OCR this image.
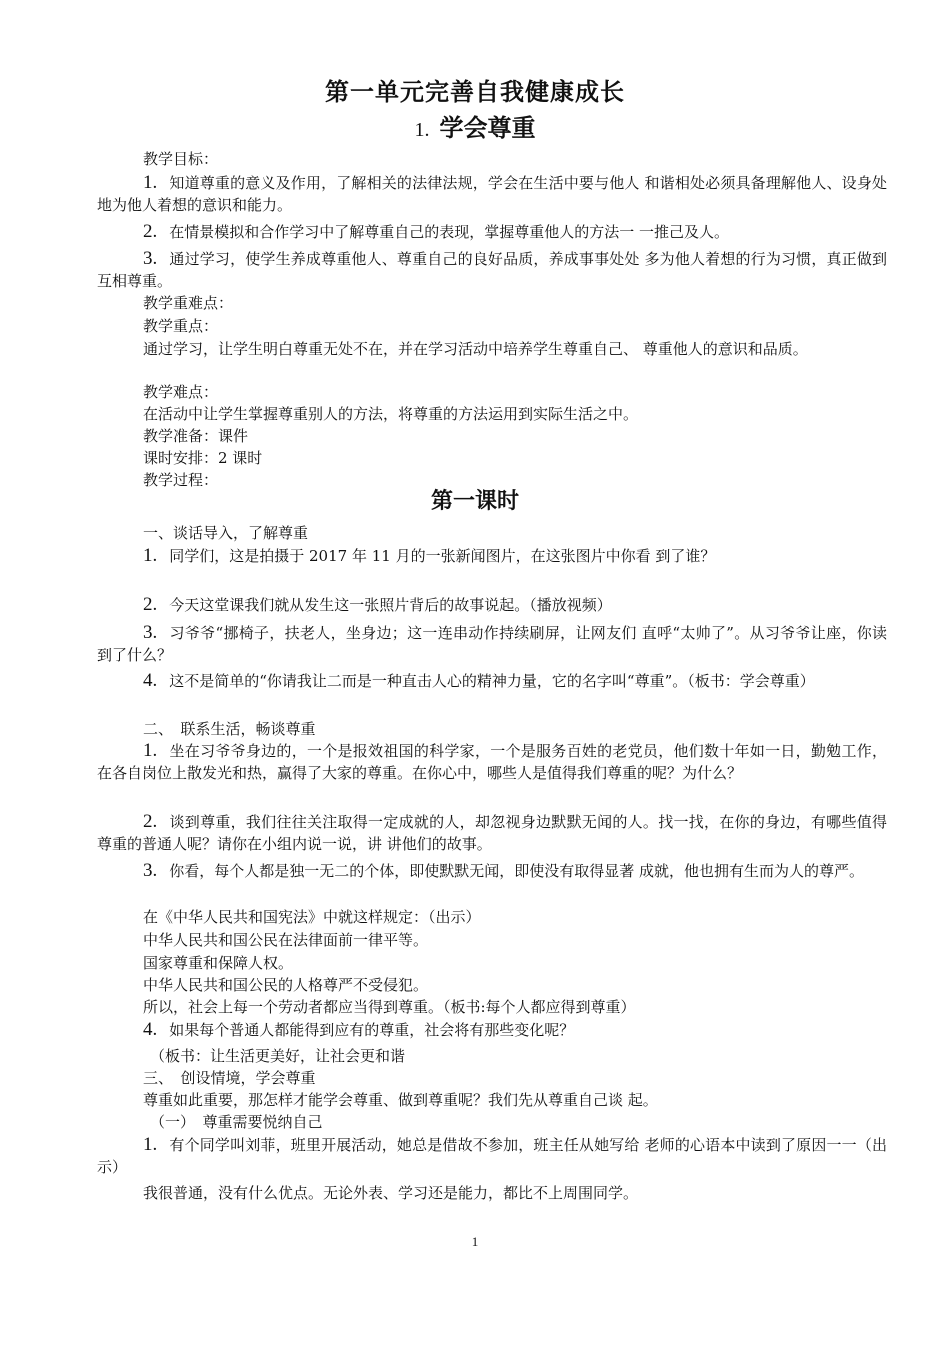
第一单元完善自我健康成长
1. 学会尊重
教学目标：
1. 知道尊重的意义及作用，了解相关的法律法规，学会在生活中要与他人 和谐相处必须具备理解他人、设身处地为他人着想的意识和能力。
2. 在情景模拟和合作学习中了解尊重自己的表现，掌握尊重他人的方法一 一推己及人。
3. 通过学习，使学生养成尊重他人、尊重自己的良好品质，养成事事处处 多为他人着想的行为习惯，真正做到互相尊重。
教学重难点：
教学重点：
通过学习，让学生明白尊重无处不在，并在学习活动中培养学生尊重自己、 尊重他人的意识和品质。
教学难点：
在活动中让学生掌握尊重别人的方法，将尊重的方法运用到实际生活之中。
教学准备：课件
课时安排：2 课时
教学过程：
第一课时
一、谈话导入，了解尊重
1. 同学们，这是拍摄于 2017 年 11 月的一张新闻图片，在这张图片中你看 到了谁？
2. 今天这堂课我们就从发生这一张照片背后的故事说起。（播放视频）
3. 习爷爷“挪椅子，扶老人，坐身边；这一连串动作持续刷屏，让网友们 直呼“太帅了”。从习爷爷让座，你读到了什么？
4. 这不是简单的“你请我让二而是一种直击人心的精神力量，它的名字叫“尊重”。（板书：学会尊重）
二、　联系生活，畅谈尊重
1. 坐在习爷爷身边的，一个是报效祖国的科学家，一个是服务百姓的老党员，他们数十年如一日，勤勉工作，在各自岗位上散发光和热，赢得了大家的尊重。在你心中，哪些人是值得我们尊重的呢？为什么？
2. 谈到尊重，我们往往关注取得一定成就的人，却忽视身边默默无闻的人。找一找，在你的身边，有哪些值得尊重的普通人呢？请你在小组内说一说，讲 讲他们的故事。
3. 你看，每个人都是独一无二的个体，即使默默无闻，即使没有取得显著 成就，他也拥有生而为人的尊严。
在《中华人民共和国宪法》中就这样规定：（出示）
中华人民共和国公民在法律面前一律平等。
国家尊重和保障人权。
中华人民共和国公民的人格尊严不受侵犯。
所以，社会上每一个劳动者都应当得到尊重。（板书:每个人都应得到尊重）
4. 如果每个普通人都能得到应有的尊重，社会将有那些变化呢？
（板书：让生活更美好，让社会更和谐
三、　创设情境，学会尊重
尊重如此重要，那怎样才能学会尊重、做到尊重呢？我们先从尊重自己谈 起。
（一）　尊重需要悦纳自己
1. 有个同学叫刘菲，班里开展活动，她总是借故不参加，班主任从她写给 老师的心语本中读到了原因一一（出示）
我很普通，没有什么优点。无论外表、学习还是能力，都比不上周围同学。
1
